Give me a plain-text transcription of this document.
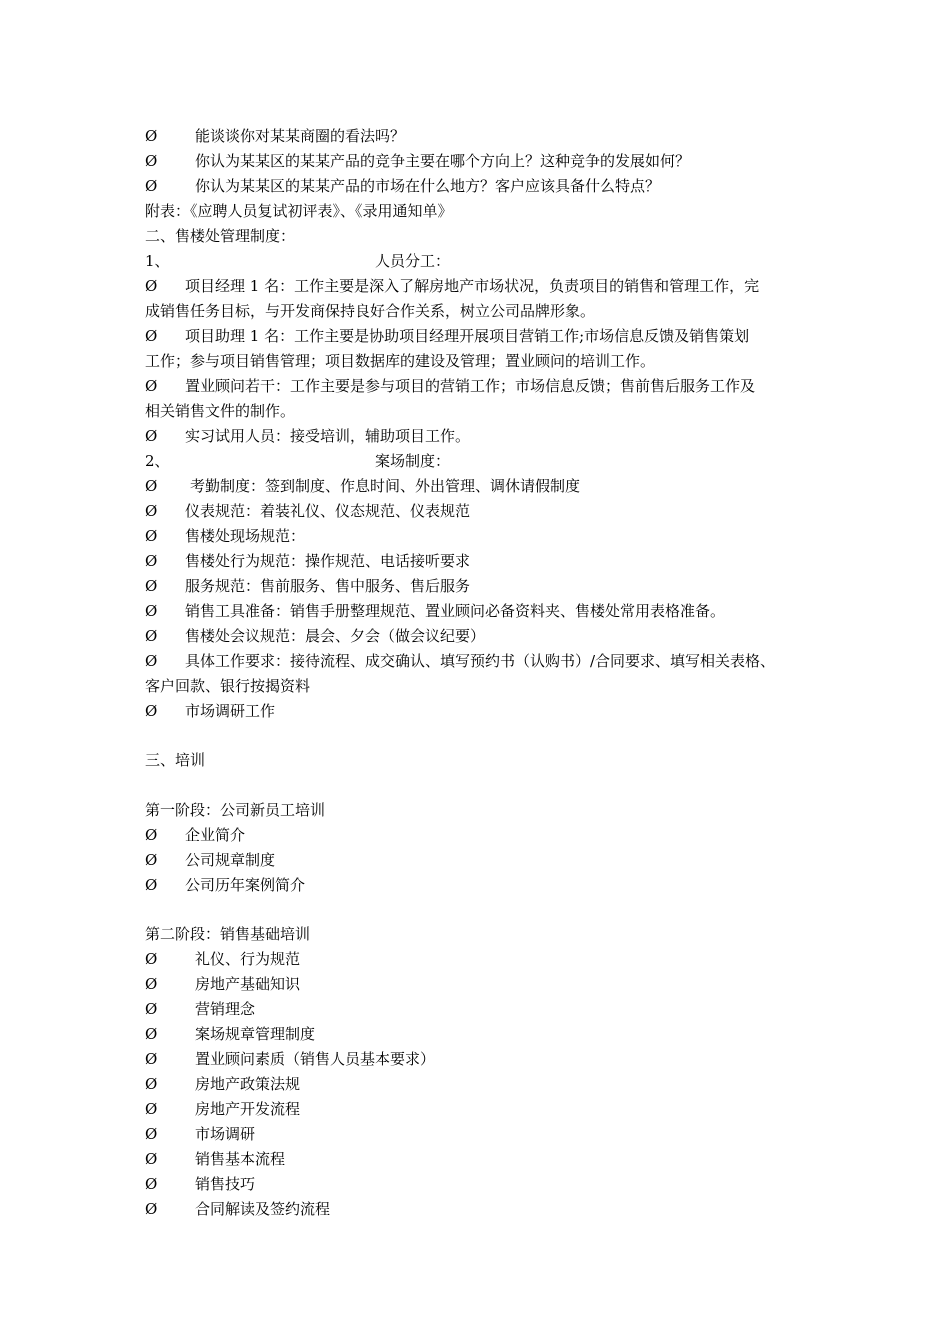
Ø	能谈谈你对某某商圈的看法吗？
Ø	你认为某某区的某某产品的竞争主要在哪个方向上？这种竞争的发展如何？
Ø	你认为某某区的某某产品的市场在什么地方？客户应该具备什么特点？
附表：《应聘人员复试初评表》、《录用通知单》
二、售楼处管理制度：
1、	人员分工：
Ø	项目经理 1 名：工作主要是深入了解房地产市场状况，负责项目的销售和管理工作，完
成销售任务目标，与开发商保持良好合作关系，树立公司品牌形象。
Ø	项目助理 1 名：工作主要是协助项目经理开展项目营销工作;市场信息反馈及销售策划
工作；参与项目销售管理；项目数据库的建设及管理；置业顾问的培训工作。
Ø	置业顾问若干：工作主要是参与项目的营销工作；市场信息反馈；售前售后服务工作及
相关销售文件的制作。
Ø	实习试用人员：接受培训，辅助项目工作。
2、	案场制度：
Ø	考勤制度：签到制度、作息时间、外出管理、调休请假制度
Ø	仪表规范：着装礼仪、仪态规范、仪表规范
Ø	售楼处现场规范：
Ø	售楼处行为规范：操作规范、电话接听要求
Ø	服务规范：售前服务、售中服务、售后服务
Ø	销售工具准备：销售手册整理规范、置业顾问必备资料夹、售楼处常用表格准备。
Ø	售楼处会议规范：晨会、夕会（做会议纪要）
Ø	具体工作要求：接待流程、成交确认、填写预约书（认购书）/合同要求、填写相关表格、
客户回款、银行按揭资料
Ø	市场调研工作
三、培训
第一阶段：公司新员工培训
Ø	企业简介
Ø	公司规章制度
Ø	公司历年案例简介
第二阶段：销售基础培训
Ø	礼仪、行为规范
Ø	房地产基础知识
Ø	营销理念
Ø	案场规章管理制度
Ø	置业顾问素质（销售人员基本要求）
Ø	房地产政策法规
Ø	房地产开发流程
Ø	市场调研
Ø	销售基本流程
Ø	销售技巧
Ø	合同解读及签约流程
